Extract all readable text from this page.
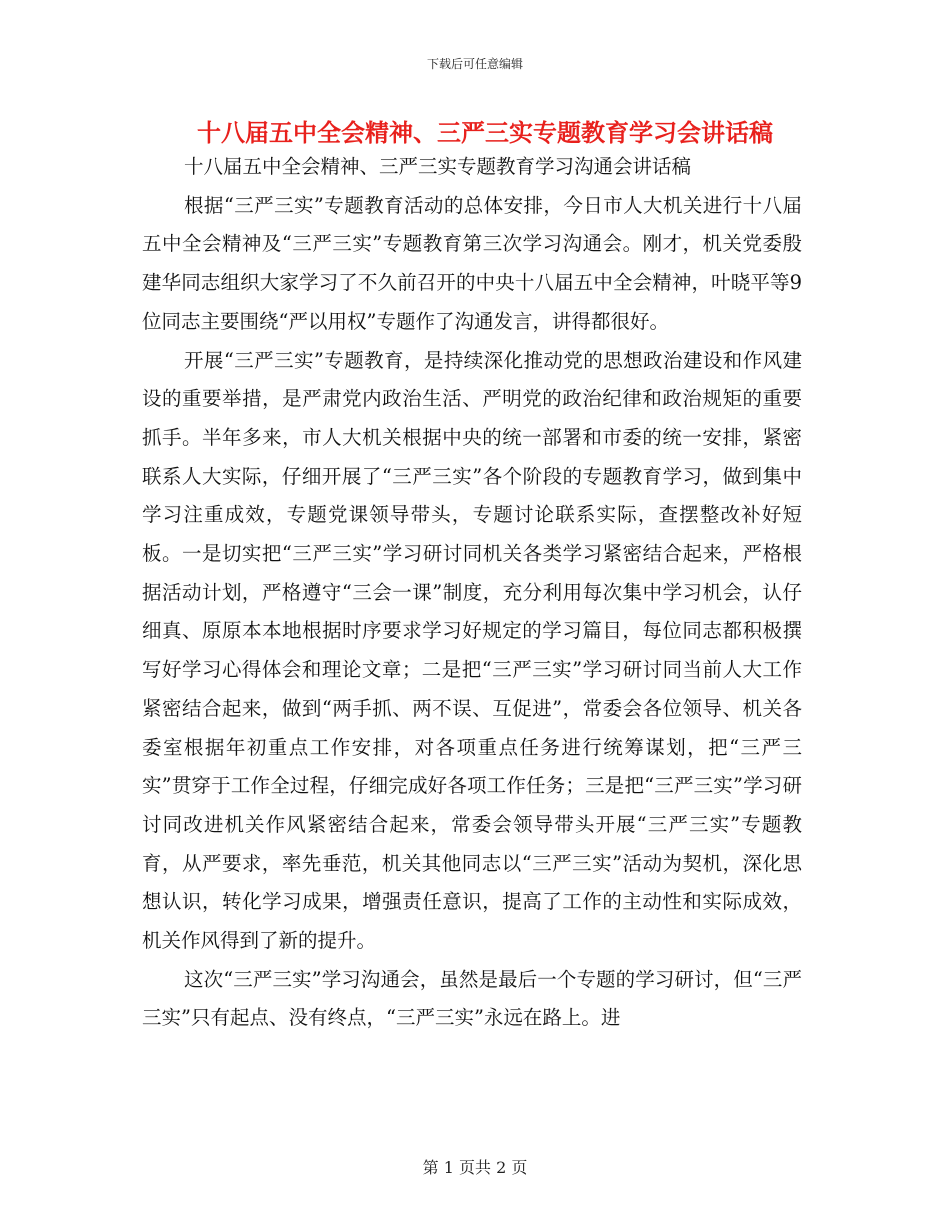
下载后可任意编辑
十八届五中全会精神、三严三实专题教育学习会讲话稿

十八届五中全会精神、三严三实专题教育学习沟通会讲话稿

根据“三严三实”专题教育活动的总体安排，今日市人大机关进行十八届五中全会精神及“三严三实”专题教育第三次学习沟通会。刚才，机关党委殷建华同志组织大家学习了不久前召开的中央十八届五中全会精神，叶晓平等9位同志主要围绕“严以用权”专题作了沟通发言，讲得都很好。

开展“三严三实”专题教育，是持续深化推动党的思想政治建设和作风建设的重要举措，是严肃党内政治生活、严明党的政治纪律和政治规矩的重要抓手。半年多来，市人大机关根据中央的统一部署和市委的统一安排，紧密联系人大实际，仔细开展了“三严三实”各个阶段的专题教育学习，做到集中学习注重成效，专题党课领导带头，专题讨论联系实际，查摆整改补好短板。一是切实把“三严三实”学习研讨同机关各类学习紧密结合起来，严格根据活动计划，严格遵守“三会一课”制度，充分利用每次集中学习机会，认仔细真、原原本本地根据时序要求学习好规定的学习篇目，每位同志都积极撰写好学习心得体会和理论文章；二是把“三严三实”学习研讨同当前人大工作紧密结合起来，做到“两手抓、两不误、互促进”，常委会各位领导、机关各委室根据年初重点工作安排，对各项重点任务进行统筹谋划，把“三严三实”贯穿于工作全过程，仔细完成好各项工作任务；三是把“三严三实”学习研讨同改进机关作风紧密结合起来，常委会领导带头开展“三严三实”专题教育，从严要求，率先垂范，机关其他同志以“三严三实”活动为契机，深化思想认识，转化学习成果，增强责任意识，提高了工作的主动性和实际成效，机关作风得到了新的提升。

这次“三严三实”学习沟通会，虽然是最后一个专题的学习研讨，但“三严三实”只有起点、没有终点，“三严三实”永远在路上。进

第 1 页共 2 页
